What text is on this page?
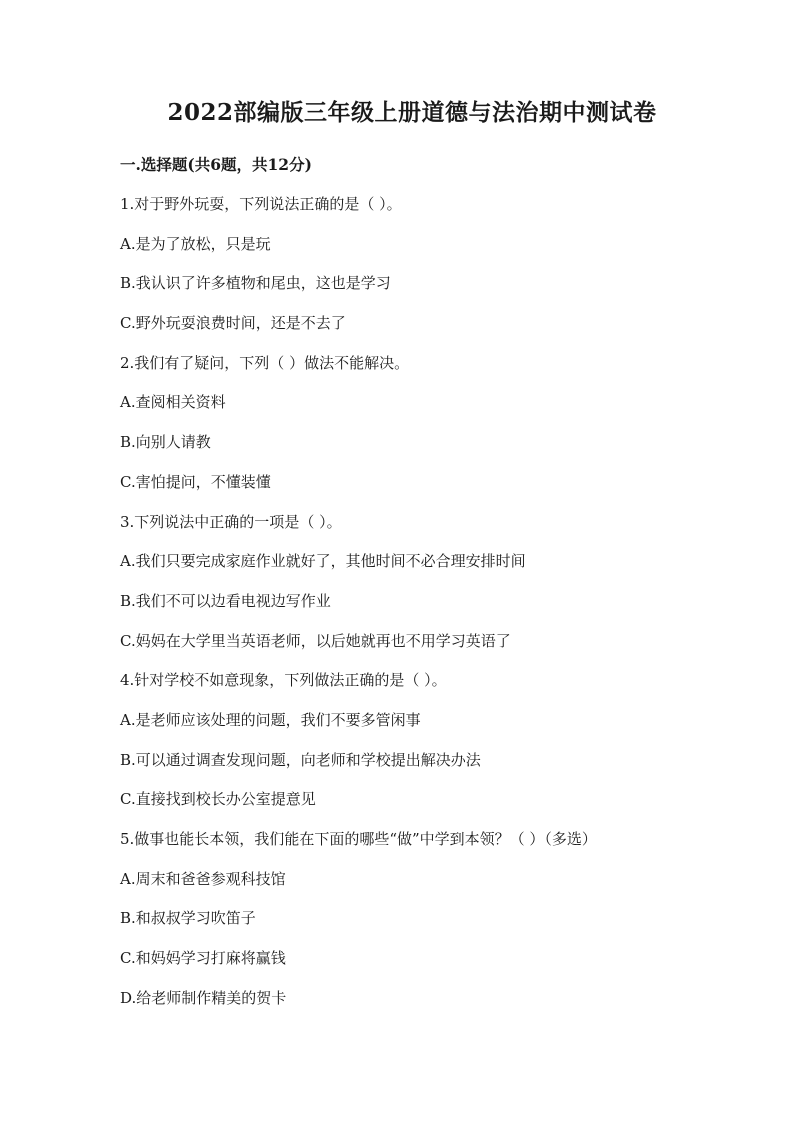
2022部编版三年级上册道德与法治期中测试卷
一.选择题(共6题，共12分)
1.对于野外玩耍，下列说法正确的是（ ）。
A.是为了放松，只是玩
B.我认识了许多植物和尾虫，这也是学习
C.野外玩耍浪费时间，还是不去了
2.我们有了疑问，下列（ ）做法不能解决。
A.查阅相关资料
B.向别人请教
C.害怕提问，不懂装懂
3.下列说法中正确的一项是（ ）。
A.我们只要完成家庭作业就好了，其他时间不必合理安排时间
B.我们不可以边看电视边写作业
C.妈妈在大学里当英语老师，以后她就再也不用学习英语了
4.针对学校不如意现象，下列做法正确的是（ ）。
A.是老师应该处理的问题，我们不要多管闲事
B.可以通过调查发现问题，向老师和学校提出解决办法
C.直接找到校长办公室提意见
5.做事也能长本领，我们能在下面的哪些“做”中学到本领？（ ）（多选）
A.周末和爸爸参观科技馆
B.和叔叔学习吹笛子
C.和妈妈学习打麻将赢钱
D.给老师制作精美的贺卡
